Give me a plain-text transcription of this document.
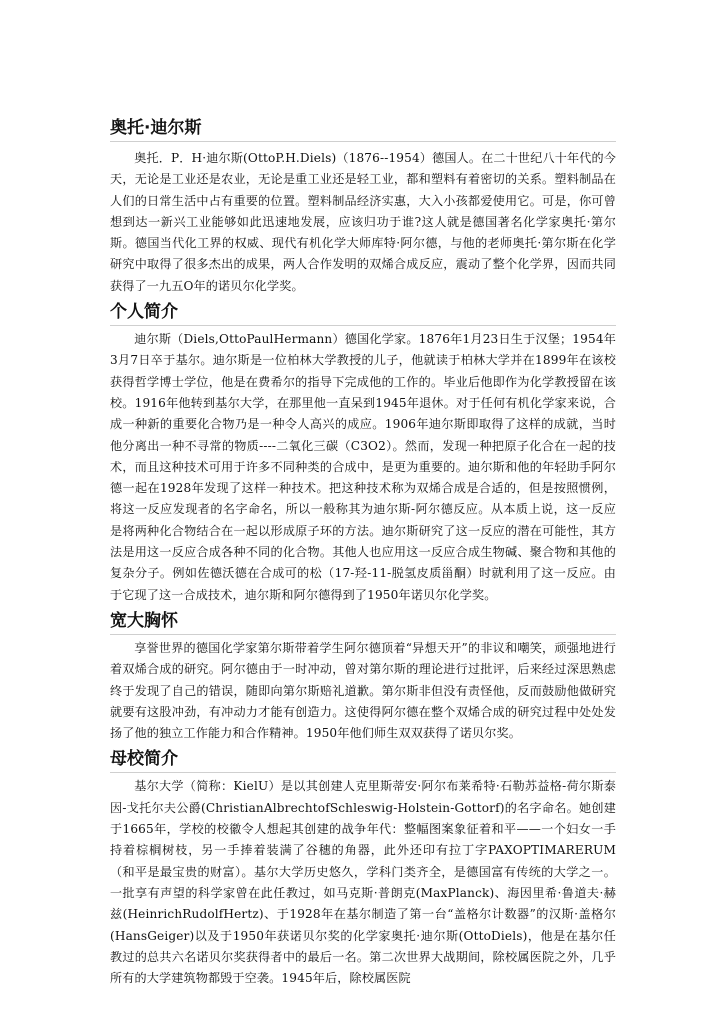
奥托·迪尔斯

奥托．P．H·迪尔斯(OttoP.H.Diels)（1876--1954）德国人。在二十世纪八十年代的今天，无论是工业还是农业，无论是重工业还是轻工业，都和塑料有着密切的关系。塑料制品在人们的日常生活中占有重要的位置。塑料制品经济实惠，大入小孩都爱使用它。可是，你可曾想到达一新兴工业能够如此迅速地发展，应该归功于谁?这人就是德国著名化学家奥托·第尔斯。德国当代化工界的权威、现代有机化学大师库特·阿尔德，与他的老师奥托·第尔斯在化学研究中取得了很多杰出的成果，两人合作发明的双烯合成反应，震动了整个化学界，因而共同获得了一九五O年的诺贝尔化学奖。

个人简介

迪尔斯（Diels,OttoPaulHermann）德国化学家。1876年1月23日生于汉堡；1954年3月7日卒于基尔。迪尔斯是一位柏林大学教授的儿子，他就读于柏林大学并在1899年在该校获得哲学博士学位，他是在费希尔的指导下完成他的工作的。毕业后他即作为化学教授留在该校。1916年他转到基尔大学，在那里他一直呆到1945年退休。对于任何有机化学家来说，合成一种新的重要化合物乃是一种令人高兴的成应。1906年迪尔斯即取得了这样的成就，当时他分离出一种不寻常的物质----二氧化三碳（C3O2）。然而，发现一种把原子化合在一起的技术，而且这种技术可用于许多不同种类的合成中，是更为重要的。迪尔斯和他的年轻助手阿尔德一起在1928年发现了这样一种技术。把这种技术称为双烯合成是合适的，但是按照惯例，将这一反应发现者的名字命名，所以一般称其为迪尔斯-阿尔德反应。从本质上说，这一反应是将两种化合物结合在一起以形成原子环的方法。迪尔斯研究了这一反应的潜在可能性，其方法是用这一反应合成各种不同的化合物。其他人也应用这一反应合成生物碱、聚合物和其他的复杂分子。例如佐德沃德在合成可的松（17-羟-11-脱氢皮质甾酮）时就利用了这一反应。由于它现了这一合成技术，迪尔斯和阿尔德得到了1950年诺贝尔化学奖。

宽大胸怀

享誉世界的德国化学家第尔斯带着学生阿尔德顶着“异想天开”的非议和嘲笑，顽强地进行着双烯合成的研究。阿尔德由于一时冲动，曾对第尔斯的理论进行过批评，后来经过深思熟虑终于发现了自己的错误，随即向第尔斯赔礼道歉。第尔斯非但没有责怪他，反而鼓励他做研究就要有这股冲劲，有冲动力才能有创造力。这使得阿尔德在整个双烯合成的研究过程中处处发扬了他的独立工作能力和合作精神。1950年他们师生双双获得了诺贝尔奖。

母校简介

基尔大学（简称：KielU）是以其创建人克里斯蒂安·阿尔布莱希特·石勒苏益格-荷尔斯泰因-戈托尔夫公爵(ChristianAlbrechtofSchleswig-Holstein-Gottorf)的名字命名。她创建于1665年，学校的校徽令人想起其创建的战争年代：整幅图案象征着和平——一个妇女一手持着棕榈树枝，另一手捧着装满了谷穗的角器，此外还印有拉丁字PAXOPTIMARERUM（和平是最宝贵的财富）。基尔大学历史悠久，学科门类齐全，是德国富有传统的大学之一。一批享有声望的科学家曾在此任教过，如马克斯·普朗克(MaxPlanck)、海因里希·鲁道夫·赫兹(HeinrichRudolfHertz)、于1928年在基尔制造了第一台“盖格尔计数器”的汉斯·盖格尔(HansGeiger)以及于1950年获诺贝尔奖的化学家奥托·迪尔斯(OttoDiels)，他是在基尔任教过的总共六名诺贝尔奖获得者中的最后一名。第二次世界大战期间，除校属医院之外，几乎所有的大学建筑物都毁于空袭。1945年后，除校属医院
